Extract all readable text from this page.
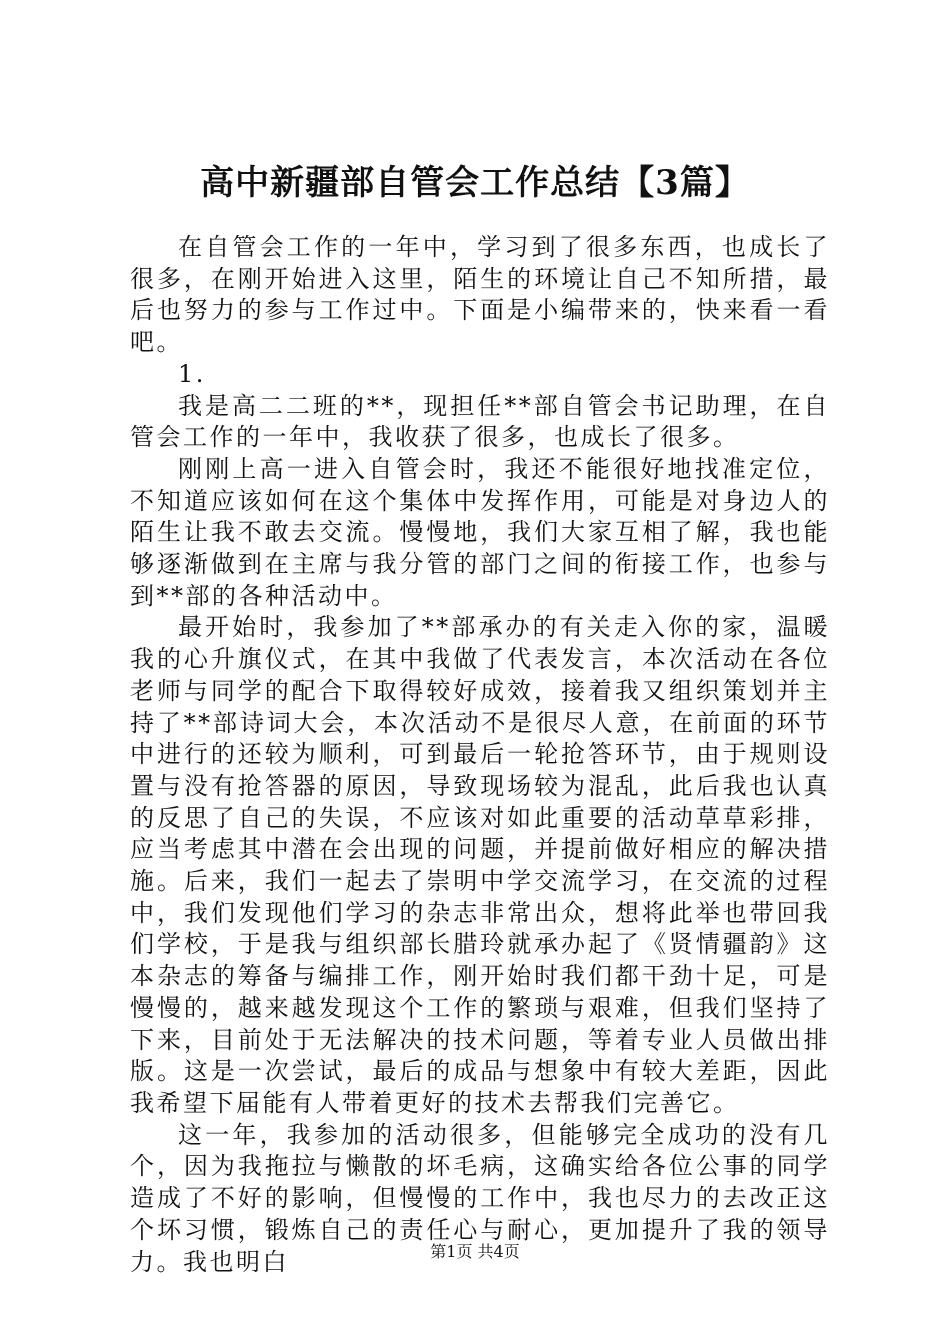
高中新疆部自管会工作总结【3篇】

在自管会工作的一年中，学习到了很多东西，也成长了很多，在刚开始进入这里，陌生的环境让自己不知所措，最后也努力的参与工作过中。下面是小编带来的，快来看一看吧。

1.

我是高二二班的**，现担任**部自管会书记助理，在自管会工作的一年中，我收获了很多，也成长了很多。

刚刚上高一进入自管会时，我还不能很好地找准定位，不知道应该如何在这个集体中发挥作用，可能是对身边人的陌生让我不敢去交流。慢慢地，我们大家互相了解，我也能够逐渐做到在主席与我分管的部门之间的衔接工作，也参与到**部的各种活动中。

最开始时，我参加了**部承办的有关走入你的家，温暖我的心升旗仪式，在其中我做了代表发言，本次活动在各位老师与同学的配合下取得较好成效，接着我又组织策划并主持了**部诗词大会，本次活动不是很尽人意，在前面的环节中进行的还较为顺利，可到最后一轮抢答环节，由于规则设置与没有抢答器的原因，导致现场较为混乱，此后我也认真的反思了自己的失误，不应该对如此重要的活动草草彩排，应当考虑其中潜在会出现的问题，并提前做好相应的解决措施。后来，我们一起去了崇明中学交流学习，在交流的过程中，我们发现他们学习的杂志非常出众，想将此举也带回我们学校，于是我与组织部长腊玲就承办起了《贤情疆韵》这本杂志的筹备与编排工作，刚开始时我们都干劲十足，可是慢慢的，越来越发现这个工作的繁琐与艰难，但我们坚持了下来，目前处于无法解决的技术问题，等着专业人员做出排版。这是一次尝试，最后的成品与想象中有较大差距，因此我希望下届能有人带着更好的技术去帮我们完善它。

这一年，我参加的活动很多，但能够完全成功的没有几个，因为我拖拉与懒散的坏毛病，这确实给各位公事的同学造成了不好的影响，但慢慢的工作中，我也尽力的去改正这个坏习惯，锻炼自己的责任心与耐心，更加提升了我的领导力。我也明白	第1页 共4页
